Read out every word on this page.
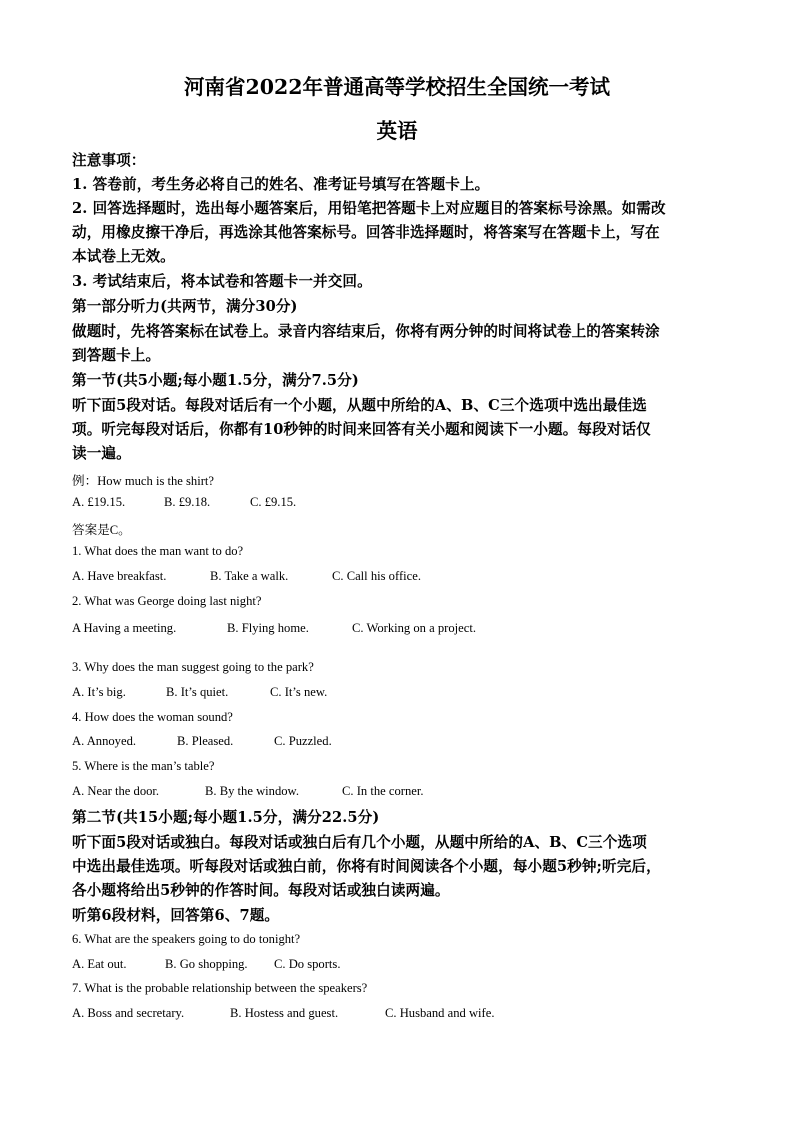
河南省2022年普通高等学校招生全国统一考试
英语
注意事项：
1. 答卷前，考生务必将自己的姓名、准考证号填写在答题卡上。
2. 回答选择题时，选出每小题答案后，用铅笔把答题卡上对应题目的答案标号涂黑。如需改
动，用橡皮擦干净后，再选涂其他答案标号。回答非选择题时，将答案写在答题卡上，写在
本试卷上无效。
3. 考试结束后，将本试卷和答题卡一并交回。
第一部分听力(共两节，满分30分)
做题时，先将答案标在试卷上。录音内容结束后，你将有两分钟的时间将试卷上的答案转涂
到答题卡上。
第一节(共5小题;每小题1.5分，满分7.5分)
听下面5段对话。每段对话后有一个小题，从题中所给的A、B、C三个选项中选出最佳选
项。听完每段对话后，你都有10秒钟的时间来回答有关小题和阅读下一小题。每段对话仅
读一遍。
例：How much is the shirt?
A. £19.15.	B. £9.18.	C. £9.15.
答案是C。
1. What does the man want to do?
A. Have breakfast.	B. Take a walk.	C. Call his office.
2. What was George doing last night?
A Having a meeting.	B. Flying home.	C. Working on a project.
3. Why does the man suggest going to the park?
A. It’s big.	B. It’s quiet.	C. It’s new.
4. How does the woman sound?
A. Annoyed.	B. Pleased.	C. Puzzled.
5. Where is the man’s table?
A. Near the door.	B. By the window.	C. In the corner.
第二节(共15小题;每小题1.5分，满分22.5分)
听下面5段对话或独白。每段对话或独白后有几个小题，从题中所给的A、B、C三个选项
中选出最佳选项。听每段对话或独白前，你将有时间阅读各个小题，每小题5秒钟;听完后，
各小题将给出5秒钟的作答时间。每段对话或独白读两遍。
听第6段材料，回答第6、7题。
6. What are the speakers going to do tonight?
A. Eat out.	B. Go shopping. C. Do sports.
7. What is the probable relationship between the speakers?
A. Boss and secretary.	B. Hostess and guest.	C. Husband and wife.
